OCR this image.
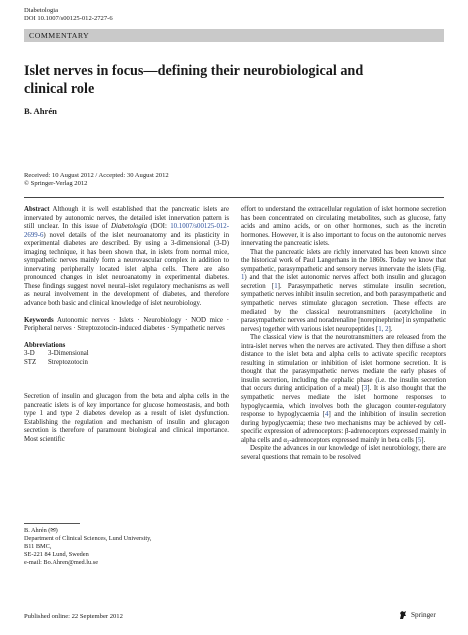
Diabetologia
DOI 10.1007/s00125-012-2727-6
COMMENTARY
Islet nerves in focus—defining their neurobiological and clinical role
B. Ahrén
Received: 10 August 2012 / Accepted: 30 August 2012
© Springer-Verlag 2012

Abstract Although it is well established that the pancreatic islets are innervated by autonomic nerves, the detailed islet innervation pattern is still unclear. In this issue of Diabetologia (DOI: 10.1007/s00125-012-2699-6) novel details of the islet neuroanatomy and its plasticity in experimental diabetes are described. By using a 3-dimensional (3-D) imaging technique, it has been shown that, in islets from normal mice, sympathetic nerves mainly form a neurovascular complex in addition to innervating peripherally located islet alpha cells. There are also pronounced changes in islet neuroanatomy in experimental diabetes. These findings suggest novel neural–islet regulatory mechanisms as well as neural involvement in the development of diabetes, and therefore advance both basic and clinical knowledge of islet neurobiology.

Keywords Autonomic nerves · Islets · Neurobiology · NOD mice · Peripheral nerves · Streptozotocin-induced diabetes · Sympathetic nerves

Abbreviations

3-D	3-Dimensional
STZ	Streptozotocin

Secretion of insulin and glucagon from the beta and alpha cells in the pancreatic islets is of key importance for glucose homeostasis, and both type 1 and type 2 diabetes develop as a result of islet dysfunction. Establishing the regulation and mechanism of insulin and glucagon secretion is therefore of paramount biological and clinical importance. Most scientific

B. Ahrén (✉)
Department of Clinical Sciences, Lund University,
B11 BMC,
SE-221 84 Lund, Sweden
e-mail: Bo.Ahren@med.lu.se

effort to understand the extracellular regulation of islet hormone secretion has been concentrated on circulating metabolites, such as glucose, fatty acids and amino acids, or on other hormones, such as the incretin hormones. However, it is also important to focus on the autonomic nerves innervating the pancreatic islets.

That the pancreatic islets are richly innervated has been known since the historical work of Paul Langerhans in the 1860s. Today we know that sympathetic, parasympathetic and sensory nerves innervate the islets (Fig. 1) and that the islet autonomic nerves affect both insulin and glucagon secretion [1]. Parasympathetic nerves stimulate insulin secretion, sympathetic nerves inhibit insulin secretion, and both parasympathetic and sympathetic nerves stimulate glucagon secretion. These effects are mediated by the classical neurotransmitters (acetylcholine in parasympathetic nerves and noradrenaline [norepinephrine] in sympathetic nerves) together with various islet neuropeptides [1, 2].

The classical view is that the neurotransmitters are released from the intra-islet nerves when the nerves are activated. They then diffuse a short distance to the islet beta and alpha cells to activate specific receptors resulting in stimulation or inhibition of islet hormone secretion. It is thought that the parasympathetic nerves mediate the early phases of insulin secretion, including the cephalic phase (i.e. the insulin secretion that occurs during anticipation of a meal) [3]. It is also thought that the sympathetic nerves mediate the islet hormone responses to hypoglycaemia, which involves both the glucagon counter-regulatory response to hypoglycaemia [4] and the inhibition of insulin secretion during hypoglycaemia; these two mechanisms may be achieved by cell-specific expression of adrenoceptors: β-adrenoceptors expressed mainly in alpha cells and α₂-adrenoceptors expressed mainly in beta cells [5].

Despite the advances in our knowledge of islet neurobiology, there are several questions that remain to be resolved

Published online: 22 September 2012	Springer
